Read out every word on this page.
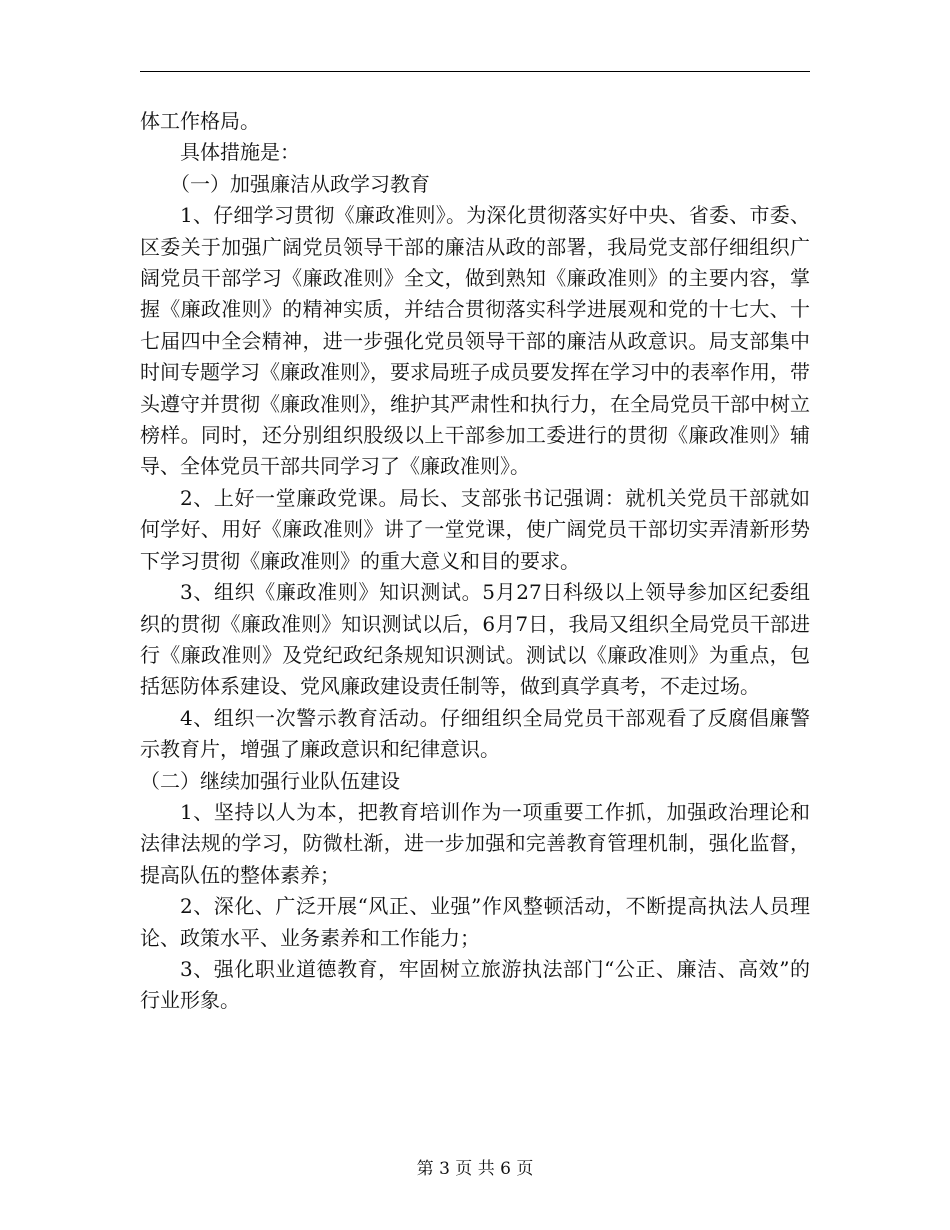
体工作格局。

具体措施是：

（一）加强廉洁从政学习教育

1、仔细学习贯彻《廉政准则》。为深化贯彻落实好中央、省委、市委、区委关于加强广阔党员领导干部的廉洁从政的部署，我局党支部仔细组织广阔党员干部学习《廉政准则》全文，做到熟知《廉政准则》的主要内容，掌握《廉政准则》的精神实质，并结合贯彻落实科学进展观和党的十七大、十七届四中全会精神，进一步强化党员领导干部的廉洁从政意识。局支部集中时间专题学习《廉政准则》，要求局班子成员要发挥在学习中的表率作用，带头遵守并贯彻《廉政准则》，维护其严肃性和执行力，在全局党员干部中树立榜样。同时，还分别组织股级以上干部参加工委进行的贯彻《廉政准则》辅导、全体党员干部共同学习了《廉政准则》。

2、上好一堂廉政党课。局长、支部张书记强调：就机关党员干部就如何学好、用好《廉政准则》讲了一堂党课，使广阔党员干部切实弄清新形势下学习贯彻《廉政准则》的重大意义和目的要求。

3、组织《廉政准则》知识测试。5月27日科级以上领导参加区纪委组织的贯彻《廉政准则》知识测试以后，6月7日，我局又组织全局党员干部进行《廉政准则》及党纪政纪条规知识测试。测试以《廉政准则》为重点，包括惩防体系建设、党风廉政建设责任制等，做到真学真考，不走过场。

4、组织一次警示教育活动。仔细组织全局党员干部观看了反腐倡廉警示教育片，增强了廉政意识和纪律意识。

（二）继续加强行业队伍建设

1、坚持以人为本，把教育培训作为一项重要工作抓，加强政治理论和法律法规的学习，防微杜渐，进一步加强和完善教育管理机制，强化监督，提高队伍的整体素养；

2、深化、广泛开展“风正、业强”作风整顿活动，不断提高执法人员理论、政策水平、业务素养和工作能力；

3、强化职业道德教育，牢固树立旅游执法部门“公正、廉洁、高效”的行业形象。

第 3 页 共 6 页
